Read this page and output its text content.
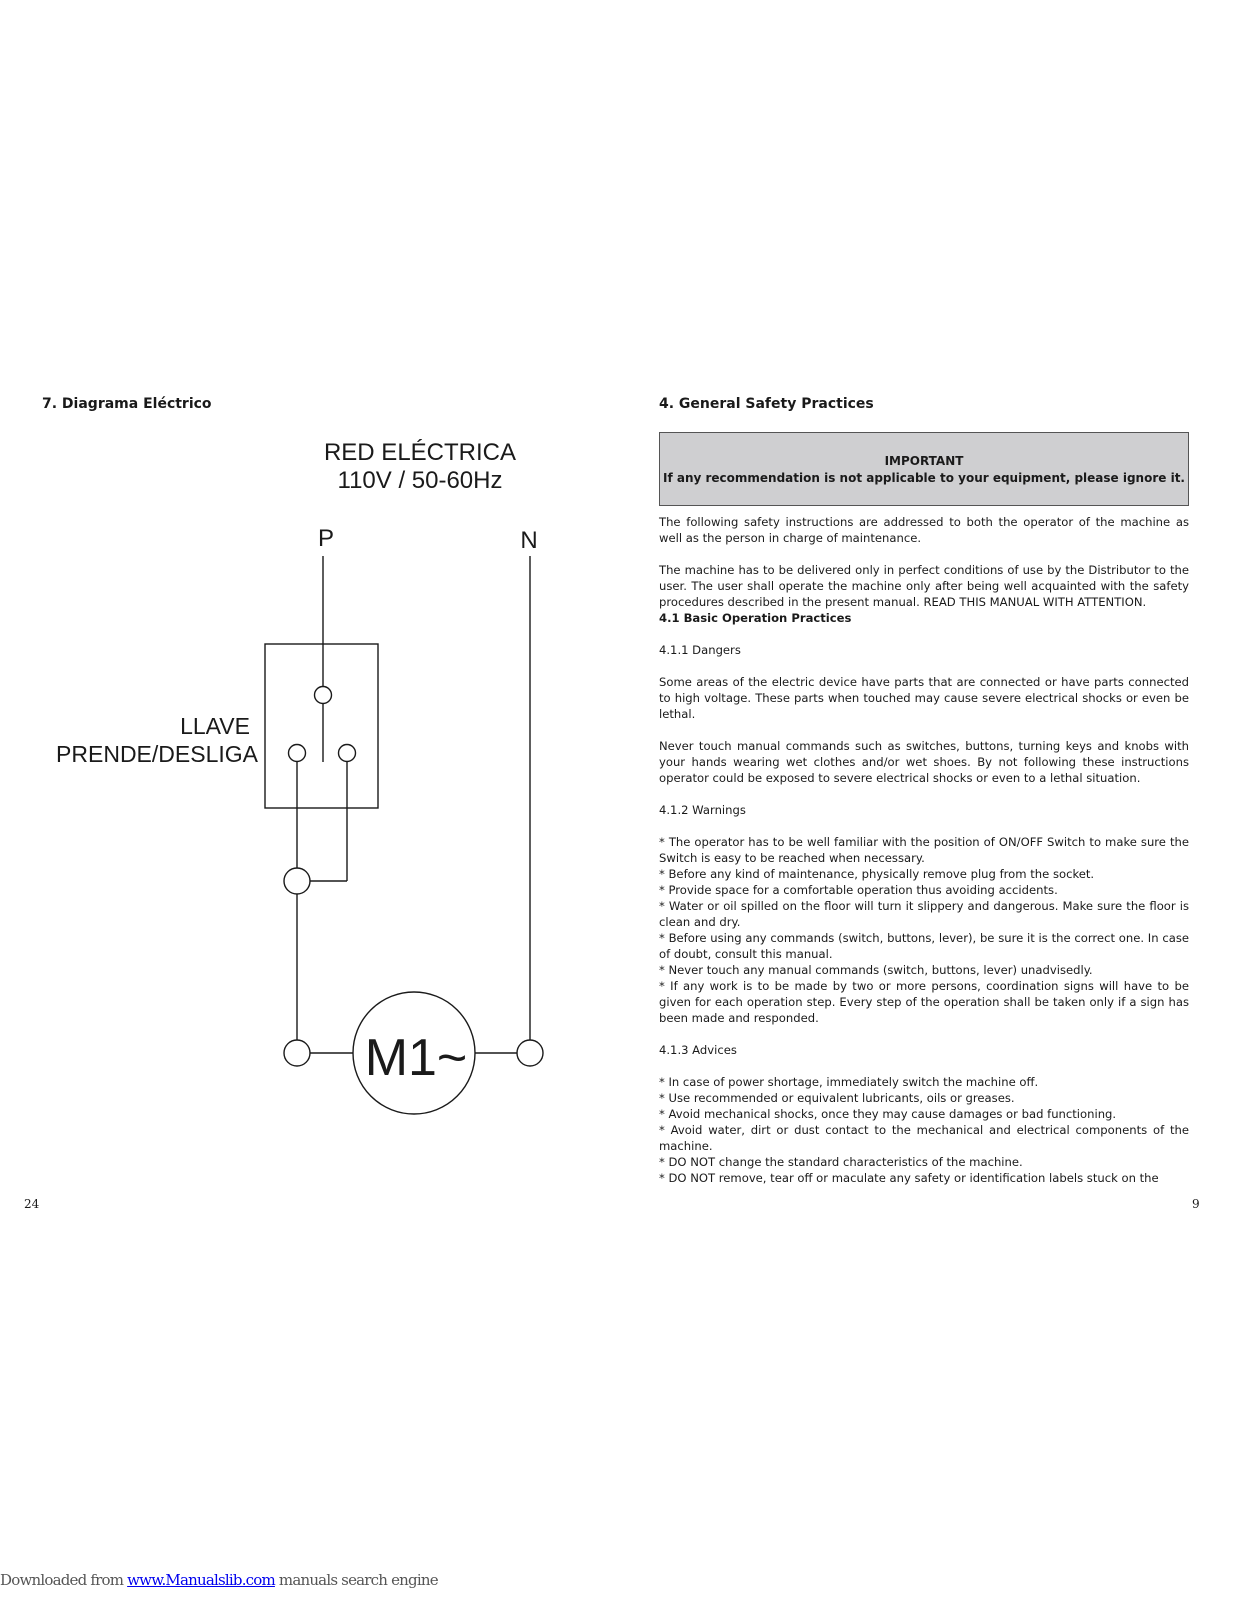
7. Diagrama Eléctrico
RED ELÉCTRICA
110V / 50-60Hz
P	N
LLAVE
PRENDE/DESLIGA
M1~
24
4. General Safety Practices
IMPORTANT
If any recommendation is not applicable to your equipment, please ignore it.

The following safety instructions are addressed to both the operator of the machine as well as the person in charge of maintenance.

The machine has to be delivered only in perfect conditions of use by the Distributor to the user. The user shall operate the machine only after being well acquainted with the safety procedures described in the present manual. READ THIS MANUAL WITH ATTENTION.

4.1 Basic Operation Practices

4.1.1 Dangers

Some areas of the electric device have parts that are connected or have parts connected to high voltage. These parts when touched may cause severe electrical shocks or even be lethal.

Never touch manual commands such as switches, buttons, turning keys and knobs with your hands wearing wet clothes and/or wet shoes. By not following these instructions operator could be exposed to severe electrical shocks or even to a lethal situation.

4.1.2 Warnings

* The operator has to be well familiar with the position of ON/OFF Switch to make sure the Switch is easy to be reached when necessary.
* Before any kind of maintenance, physically remove plug from the socket.
* Provide space for a comfortable operation thus avoiding accidents.
* Water or oil spilled on the floor will turn it slippery and dangerous. Make sure the floor is clean and dry.
* Before using any commands (switch, buttons, lever), be sure it is the correct one. In case of doubt, consult this manual.
* Never touch any manual commands (switch, buttons, lever) unadvisedly.
* If any work is to be made by two or more persons, coordination signs will have to be given for each operation step. Every step of the operation shall be taken only if a sign has been made and responded.

4.1.3 Advices

* In case of power shortage, immediately switch the machine off.
* Use recommended or equivalent lubricants, oils or greases.
* Avoid mechanical shocks, once they may cause damages or bad functioning.
* Avoid water, dirt or dust contact to the mechanical and electrical components of the machine.
* DO NOT change the standard characteristics of the machine.
* DO NOT remove, tear off or maculate any safety or identification labels stuck on the
9
Downloaded from www.Manualslib.com manuals search engine
